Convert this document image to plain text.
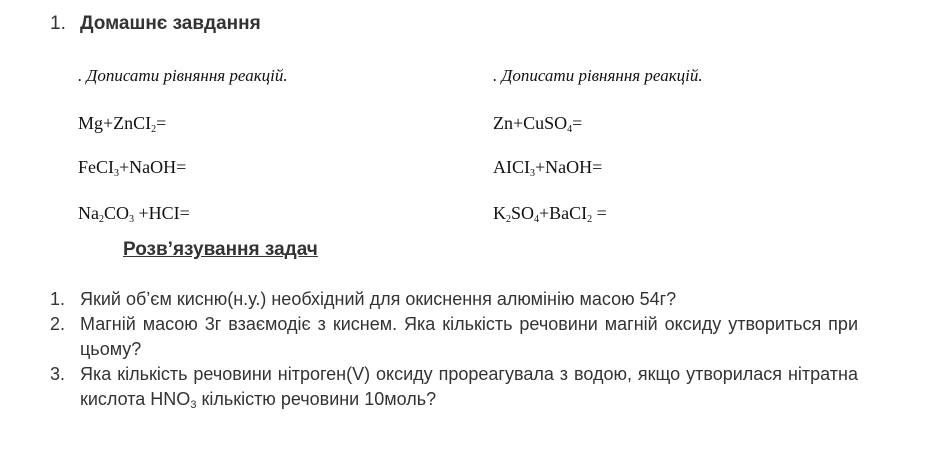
1. Домашнє завдання
. Дописати рівняння реакцій.
Mg+ZnCI$_2$=
FeCI$_3$+NaOH=
$Na_2CO_3 +HCI=$
. Дописати рівняння реакцій.
Zn+CuSO$_4$=
$AICI_3+NaOH=$
$K_2SO_4+BaCI_2$ =
Розв’язування задач
1. Який об’єм кисню(н.у.) необхідний для окиснення алюмінію масою 54г?
2. Магній масою 3г взаємодіє з киснем. Яка кількість речовини магній оксиду утвориться при цьому?
3. Яка кількість речовини нітроген(V) оксиду прореагувала з водою, якщо утворилася нітратна кислота $HNO_3$ кількістю речовини 10моль?
